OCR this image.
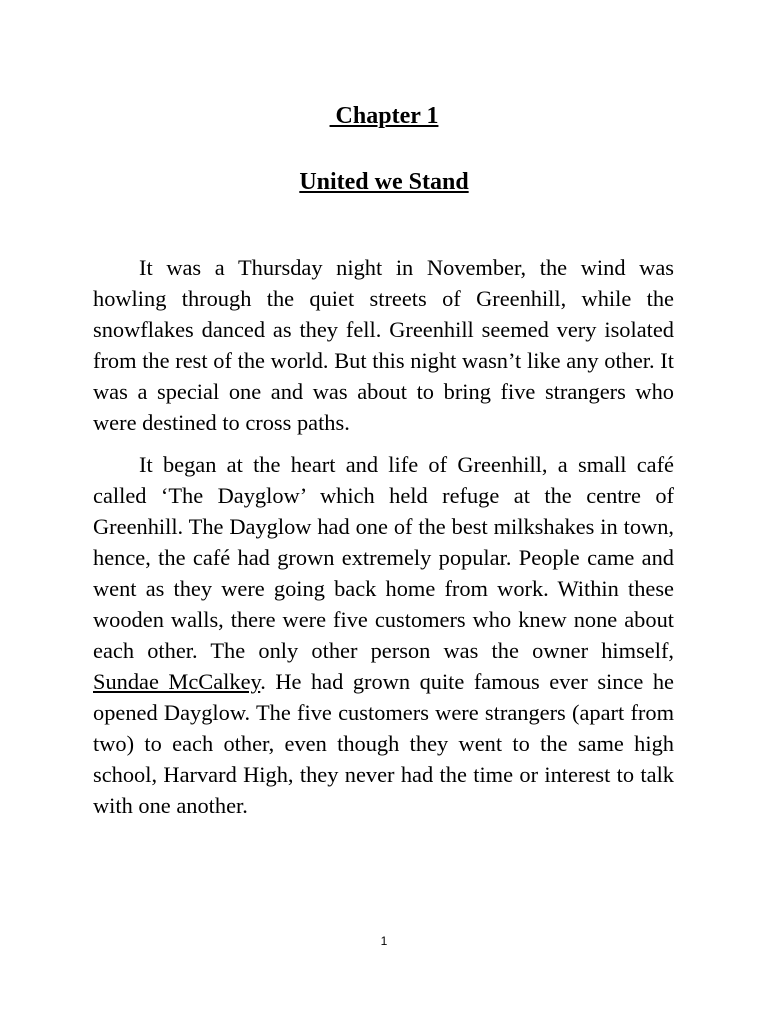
Chapter 1
United we Stand

It was a Thursday night in November, the wind was howling through the quiet streets of Greenhill, while the snowflakes danced as they fell. Greenhill seemed very isolated from the rest of the world. But this night wasn’t like any other. It was a special one and was about to bring five strangers who were destined to cross paths.

It began at the heart and life of Greenhill, a small café called ‘The Dayglow’ which held refuge at the centre of Greenhill. The Dayglow had one of the best milkshakes in town, hence, the café had grown extremely popular. People came and went as they were going back home from work. Within these wooden walls, there were five customers who knew none about each other. The only other person was the owner himself, Sundae McCalkey. He had grown quite famous ever since he opened Dayglow. The five customers were strangers (apart from two) to each other, even though they went to the same high school, Harvard High, they never had the time or interest to talk with one another.

1
